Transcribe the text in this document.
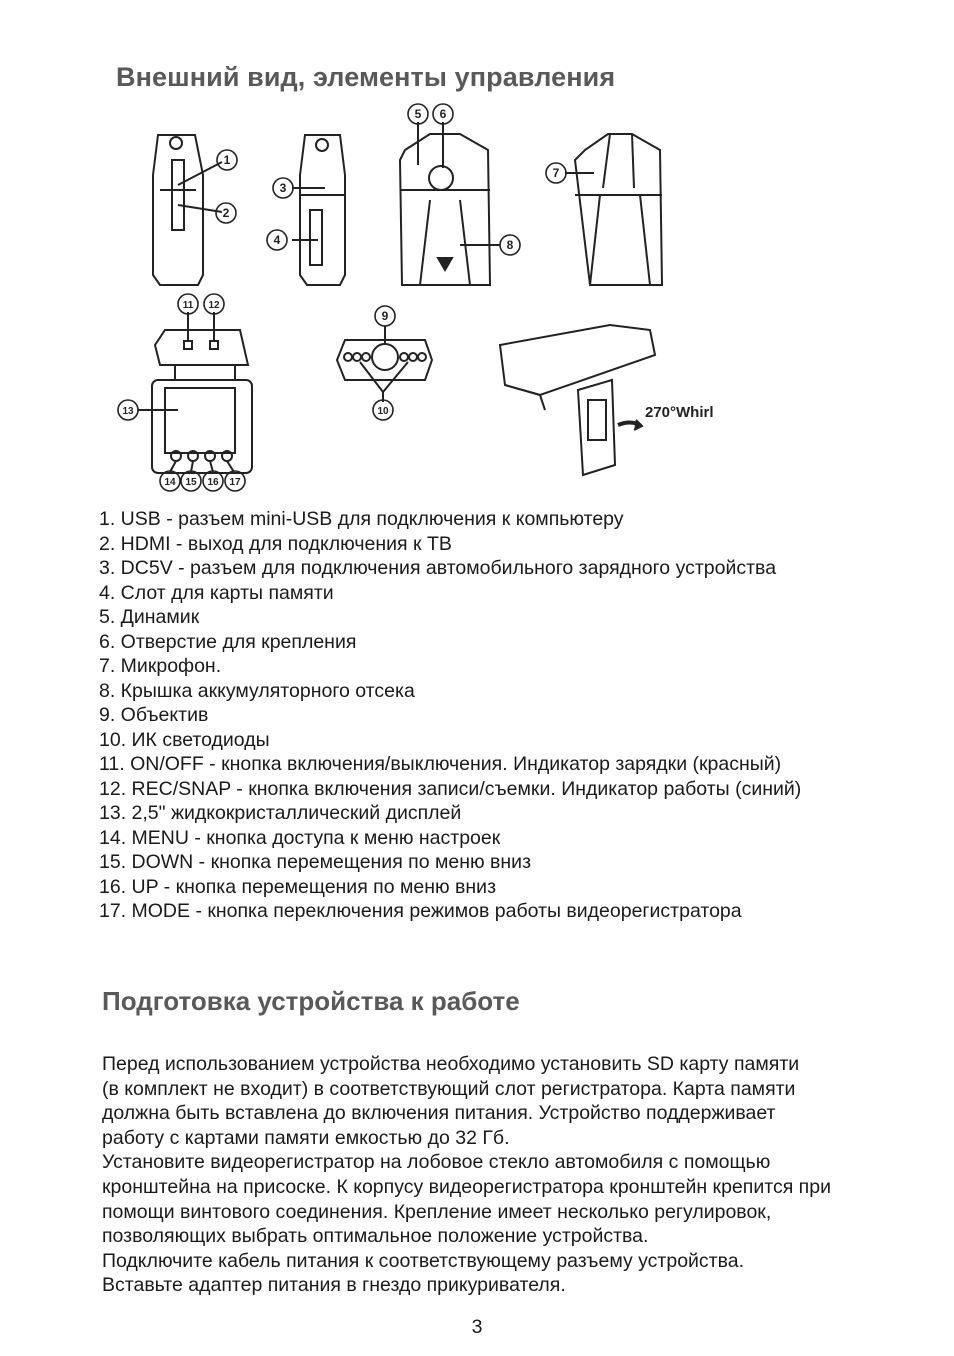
Внешний вид, элементы управления
1
2
3
4
5 6
7
8
9
10
11 12
13
14 15 16 17
270°Whirl
1. USB - разъем mini-USB для подключения к компьютеру
2. HDMI - выход для подключения к ТВ
3. DC5V - разъем для подключения автомобильного зарядного устройства
4. Слот для карты памяти
5. Динамик
6. Отверстие для крепления
7. Микрофон.
8. Крышка аккумуляторного отсека
9. Объектив
10. ИК светодиоды
11. ON/OFF - кнопка включения/выключения. Индикатор зарядки (красный)
12. REC/SNAP - кнопка включения записи/съемки. Индикатор работы (синий)
13. 2,5" жидкокристаллический дисплей
14. MENU - кнопка доступа к меню настроек
15. DOWN - кнопка перемещения по меню вниз
16. UP - кнопка перемещения по меню вниз
17. MODE - кнопка переключения режимов работы видеорегистратора
Подготовка устройства к работе
Перед использованием устройства необходимо установить SD карту памяти
(в комплект не входит) в соответствующий слот регистратора. Карта памяти
должна быть вставлена до включения питания. Устройство поддерживает
работу с картами памяти емкостью до 32 Гб.
Установите видеорегистратор на лобовое стекло автомобиля с помощью
кронштейна на присоске. К корпусу видеорегистратора кронштейн крепится при
помощи винтового соединения. Крепление имеет несколько регулировок,
позволяющих выбрать оптимальное положение устройства.
Подключите кабель питания к соответствующему разъему устройства.
Вставьте адаптер питания в гнездо прикуривателя.
3
